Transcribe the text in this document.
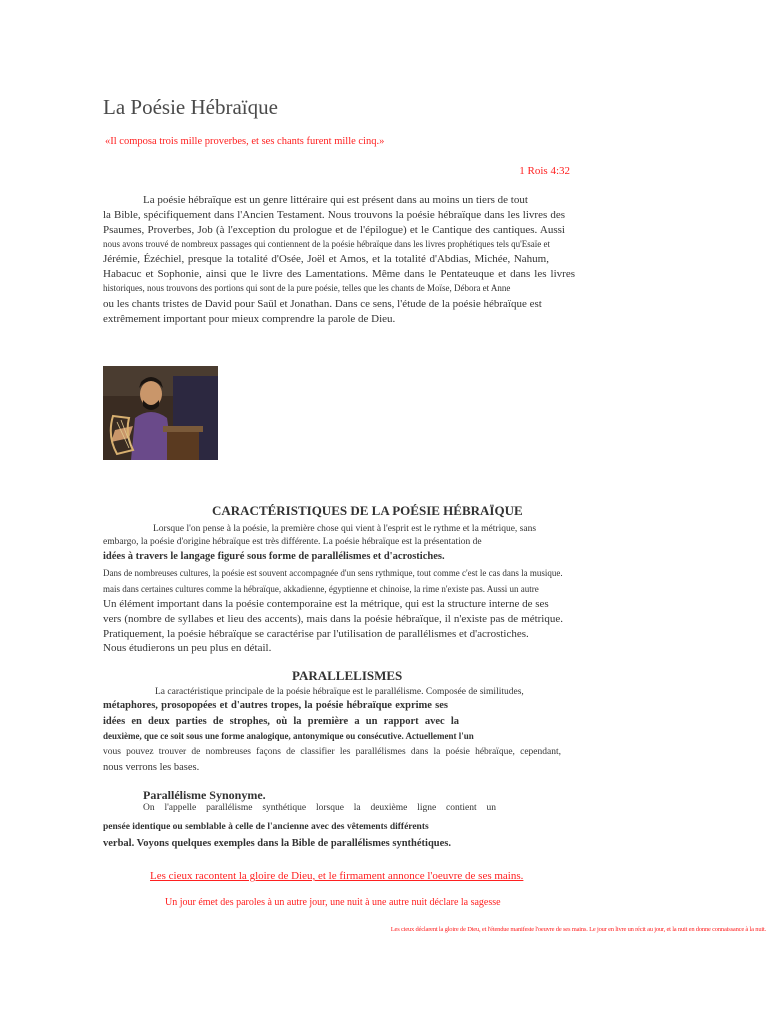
La Poésie Hébraïque
«Il composa trois mille proverbes, et ses chants furent mille cinq.»
1 Rois 4:32
La poésie hébraïque est un genre littéraire qui est présent dans au moins un tiers de tout
la Bible, spécifiquement dans l'Ancien Testament. Nous trouvons la poésie hébraïque dans les livres des
Psaumes, Proverbes, Job (à l'exception du prologue et de l'épilogue) et le Cantique des cantiques. Aussi
nous avons trouvé de nombreux passages qui contiennent de la poésie hébraïque dans les livres prophétiques tels qu'Esaïe et
Jérémie, Ézéchiel, presque la totalité d'Osée, Joël et Amos, et la totalité d'Abdias, Michée, Nahum,
Habacuc et Sophonie, ainsi que le livre des Lamentations. Même dans le Pentateuque et dans les livres
historiques, nous trouvons des portions qui sont de la pure poésie, telles que les chants de Moïse, Débora et Anne
ou les chants tristes de David pour Saül et Jonathan. Dans ce sens, l'étude de la poésie hébraïque est
extrêmement important pour mieux comprendre la parole de Dieu.
CARACTÉRISTIQUES DE LA POÉSIE HÉBRAÏQUE
Lorsque l'on pense à la poésie, la première chose qui vient à l'esprit est le rythme et la métrique, sans
embargo, la poésie d'origine hébraïque est très différente. La poésie hébraïque est la présentation de
idées à travers le langage figuré sous forme de parallélismes et d'acrostiches.
Dans de nombreuses cultures, la poésie est souvent accompagnée d'un sens rythmique, tout comme c'est le cas dans la musique.
mais dans certaines cultures comme la hébraïque, akkadienne, égyptienne et chinoise, la rime n'existe pas. Aussi un autre
Un élément important dans la poésie contemporaine est la métrique, qui est la structure interne de ses
vers (nombre de syllabes et lieu des accents), mais dans la poésie hébraïque, il n'existe pas de métrique.
Pratiquement, la poésie hébraïque se caractérise par l'utilisation de parallélismes et d'acrostiches.
Nous étudierons un peu plus en détail.
PARALLELISMES
La caractéristique principale de la poésie hébraïque est le parallélisme. Composée de similitudes,
métaphores, prosopopées et d'autres tropes, la poésie hébraïque exprime ses
idées en deux parties de strophes, où la première a un rapport avec la
deuxième, que ce soit sous une forme analogique, antonymique ou consécutive. Actuellement l'un
vous pouvez trouver de nombreuses façons de classifier les parallélismes dans la poésie hébraïque, cependant,
nous verrons les bases.
Parallélisme Synonyme.
On l'appelle parallélisme synthétique lorsque la deuxième ligne contient un
pensée identique ou semblable à celle de l'ancienne avec des vêtements différents
verbal. Voyons quelques exemples dans la Bible de parallélismes synthétiques.
Les cieux racontent la gloire de Dieu, et le firmament annonce l'oeuvre de ses mains.
Un jour émet des paroles à un autre jour, une nuit à une autre nuit déclare la sagesse
Les cieux déclarent la gloire de Dieu, et l'étendue manifeste l'oeuvre de ses mains. Le jour en livre un récit au jour, et la nuit en donne connaissance à la nuit.
